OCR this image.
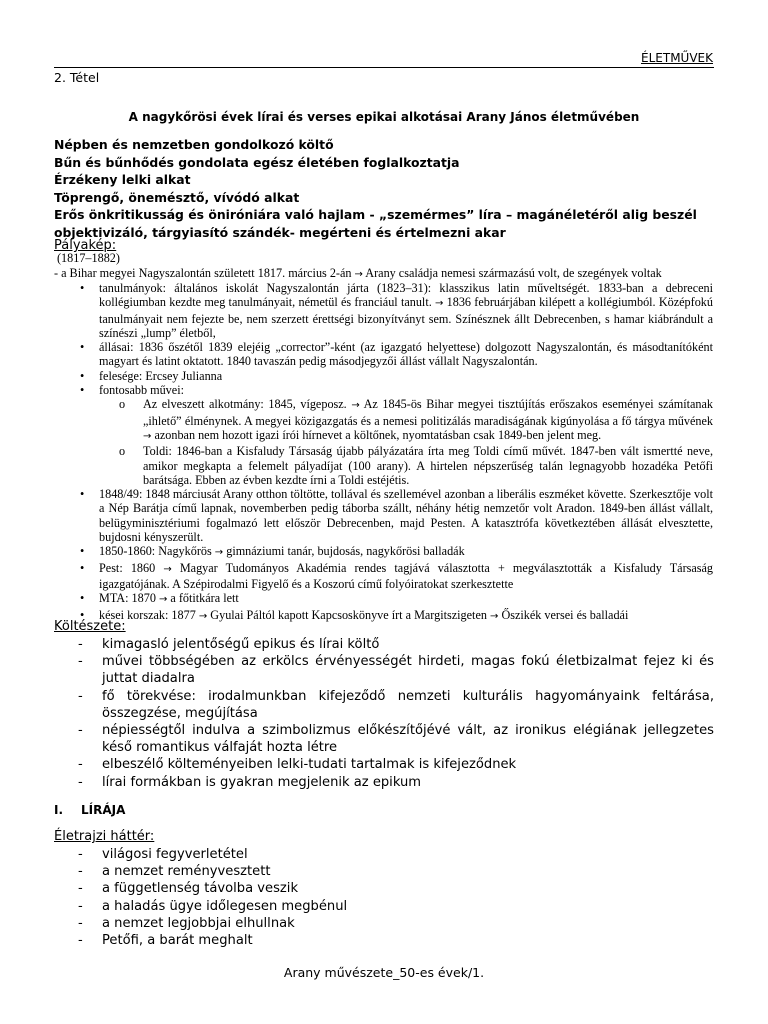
ÉLETMŰVEK
2. Tétel
A nagykőrösi évek lírai és verses epikai alkotásai Arany János életművében
Népben és nemzetben gondolkozó költő
Bűn és bűnhődés gondolata egész életében foglalkoztatja
Érzékeny lelki alkat
Töprengő, önemésztő, vívódó alkat
Erős önkritikusság és öniróniára való hajlam - „szemérmes” líra – magánéletéről alig beszél
objektivizáló, tárgyiasító szándék- megérteni és értelmezni akar
Pályakép:
(1817–1882)
- a Bihar megyei Nagyszalontán született 1817. március 2-án → Arany családja nemesi származású volt, de szegények voltak
•	tanulmányok: általános iskolát Nagyszalontán járta (1823–31): klasszikus latin műveltségét. 1833-ban a debreceni kollégiumban kezdte meg tanulmányait, németül és franciául tanult. → 1836 februárjában kilépett a kollégiumból. Középfokú tanulmányait nem fejezte be, nem szerzett érettségi bizonyítványt sem. Színésznek állt Debrecenben, s hamar kiábrándult a színészi „lump” életből,
•	állásai: 1836 őszétől 1839 elejéig „corrector”-ként (az igazgató helyettese) dolgozott Nagyszalontán, és másodtanítóként magyart és latint oktatott. 1840 tavaszán pedig másodjegyzői állást vállalt Nagyszalontán.
•	felesége: Ercsey Julianna
•	fontosabb művei:
o Az elveszett alkotmány: 1845, vígeposz. → Az 1845-ös Bihar megyei tisztújítás erőszakos eseményei számítanak „ihlető” élménynek. A megyei közigazgatás és a nemesi politizálás maradiságának kigúnyolása a fő tárgya művének → azonban nem hozott igazi írói hírnevet a költőnek, nyomtatásban csak 1849-ben jelent meg.
o Toldi: 1846-ban a Kisfaludy Társaság újabb pályázatára írta meg Toldi című művét. 1847-ben vált ismertté neve, amikor megkapta a felemelt pályadíjat (100 arany). A hirtelen népszerűség talán legnagyobb hozadéka Petőfi barátsága. Ebben az évben kezdte írni a Toldi estéjétis.
•	1848/49: 1848 márciusát Arany otthon töltötte, tollával és szellemével azonban a liberális eszméket követte. Szerkesztője volt a Nép Barátja című lapnak, novemberben pedig táborba szállt, néhány hétig nemzetőr volt Aradon. 1849-ben állást vállalt, belügyminisztériumi fogalmazó lett először Debrecenben, majd Pesten. A katasztrófa következtében állását elvesztette, bujdosni kényszerült.
•	1850-1860: Nagykőrös → gimnáziumi tanár, bujdosás, nagykőrösi balladák
•	Pest: 1860 → Magyar Tudományos Akadémia rendes tagjává választotta + megválasztották a Kisfaludy Társaság igazgatójának. A Szépirodalmi Figyelő és a Koszorú című folyóiratokat szerkesztette
•	MTA: 1870 → a főtitkára lett
•	kései korszak: 1877 → Gyulai Páltól kapott Kapcsoskönyve írt a Margitszigeten → Őszikék versei és balladái
Költészete:
- kimagasló jelentőségű epikus és lírai költő
- művei többségében az erkölcs érvényességét hirdeti, magas fokú életbizalmat fejez ki és juttat diadalra
- fő törekvése: irodalmunkban kifejeződő nemzeti kulturális hagyományaink feltárása, összegzése, megújítása
- népiességtől indulva a szimbolizmus előkészítőjévé vált, az ironikus elégiának jellegzetes késő romantikus válfaját hozta létre
- elbeszélő költeményeiben lelki-tudati tartalmak is kifejeződnek
- lírai formákban is gyakran megjelenik az epikum
I. LÍRÁJA
Életrajzi háttér:
- világosi fegyverletétel
- a nemzet reményvesztett
- a függetlenség távolba veszik
- a haladás ügye időlegesen megbénul
- a nemzet legjobbjai elhullnak
- Petőfi, a barát meghalt
Arany művészete_50-es évek/1.
